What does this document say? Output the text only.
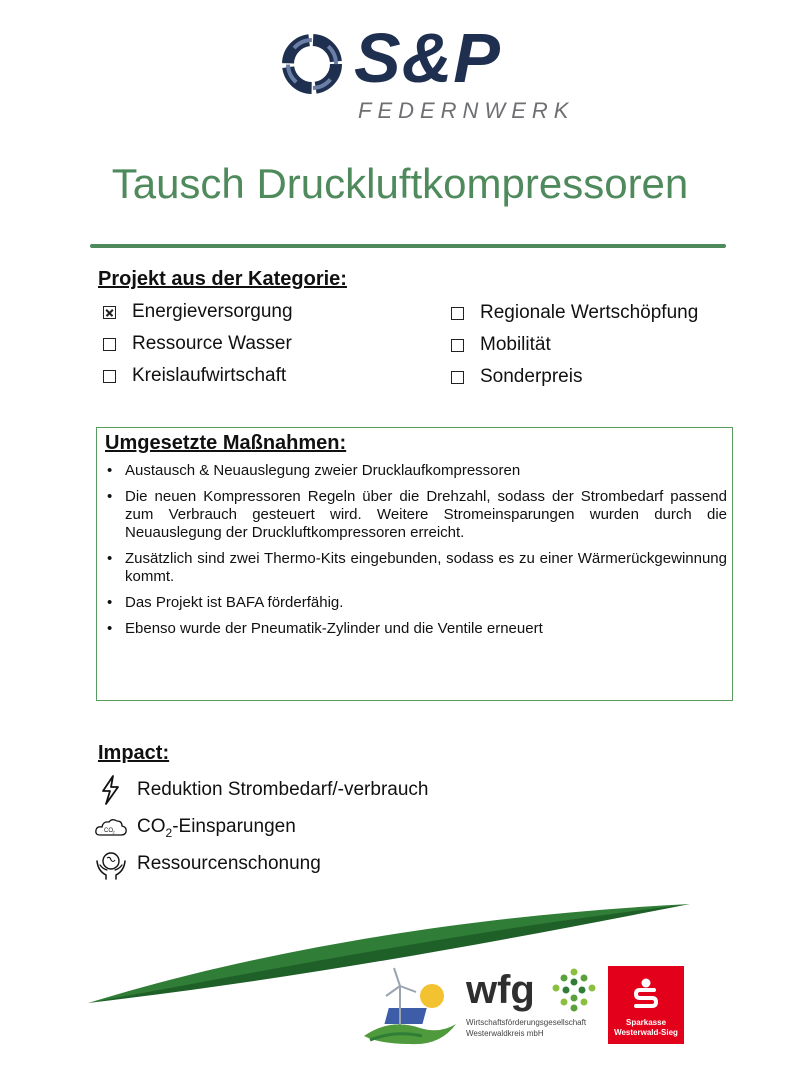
S&P
FEDERNWERK
Tausch Druckluftkompressoren
Projekt aus der Kategorie:
Energieversorgung
Ressource Wasser
Kreislaufwirtschaft
Regionale Wertschöpfung
Mobilität
Sonderpreis
Umgesetzte Maßnahmen:
• Austausch & Neuauslegung zweier Drucklaufkompressoren
• Die neuen Kompressoren Regeln über die Drehzahl, sodass der Strombedarf passend zum Verbrauch gesteuert wird. Weitere Stromeinsparungen wurden durch die Neuauslegung der Druckluftkompressoren erreicht.
• Zusätzlich sind zwei Thermo-Kits eingebunden, sodass es zu einer Wärmerückgewinnung kommt.
• Das Projekt ist BAFA förderfähig.
• Ebenso wurde der Pneumatik-Zylinder und die Ventile erneuert
Impact:
Reduktion Strombedarf/-verbrauch
CO 2 $CO_2$-Einsparungen
Ressourcenschonung
wfg
Wirtschaftsförderungsgesellschaft
Westerwaldkreis mbH
Sparkasse
Westerwald-Sieg
